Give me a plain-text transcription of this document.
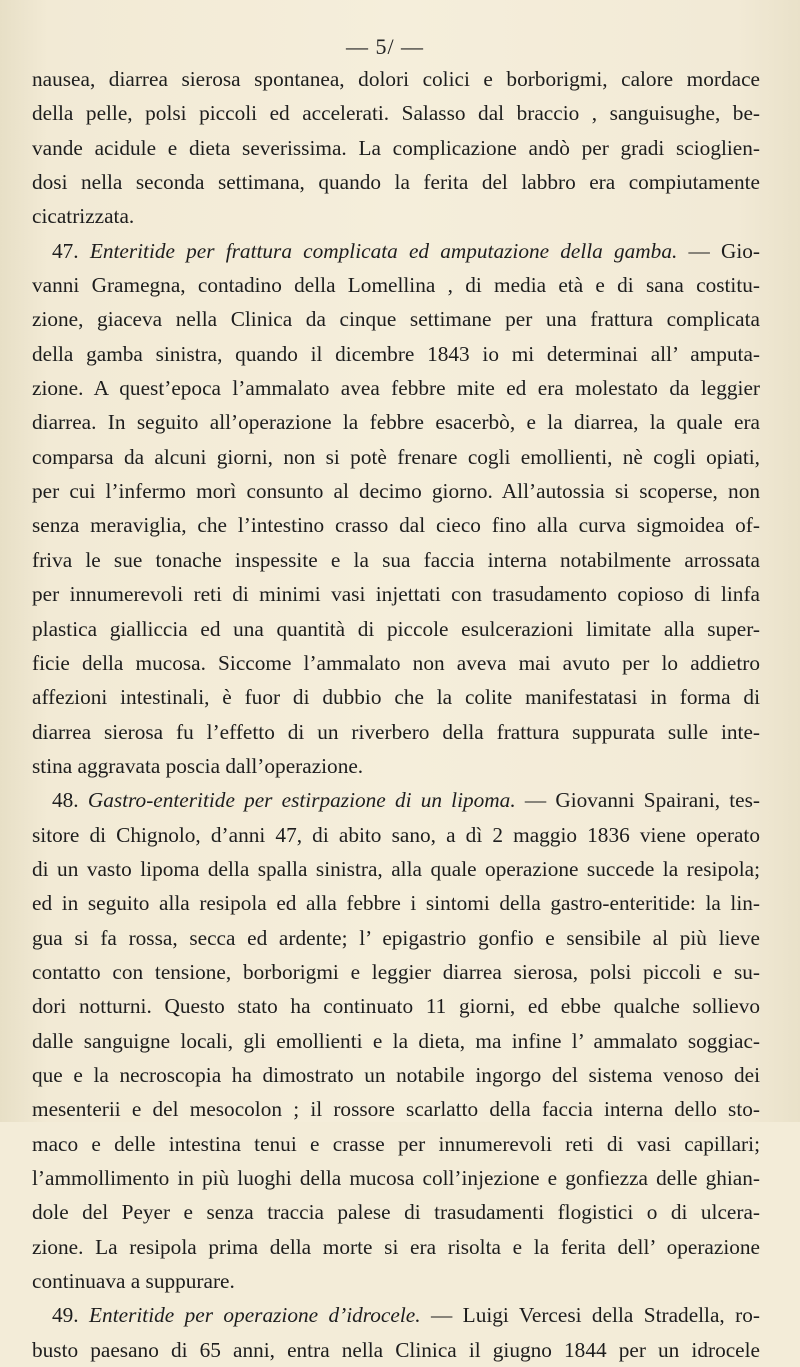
— 5/ —

nausea, diarrea sierosa spontanea, dolori colici e borborigmi, calore mordace

della pelle, polsi piccoli ed accelerati. Salasso dal braccio , sanguisughe, be-

vande acidule e dieta severissima. La complicazione andò per gradi scioglien-

dosi nella seconda settimana, quando la ferita del labbro era compiutamente

cicatrizzata.

47. Enteritide per frattura complicata ed amputazione della gamba. — Gio-

vanni Gramegna, contadino della Lomellina , di media età e di sana costitu-

zione, giaceva nella Clinica da cinque settimane per una frattura complicata

della gamba sinistra, quando il dicembre 1843 io mi determinai all’ amputa-

zione. A quest’epoca l’ammalato avea febbre mite ed era molestato da leggier

diarrea. In seguito all’operazione la febbre esacerbò, e la diarrea, la quale era

comparsa da alcuni giorni, non si potè frenare cogli emollienti, nè cogli opiati,

per cui l’infermo morì consunto al decimo giorno. All’autossia si scoperse, non

senza meraviglia, che l’intestino crasso dal cieco fino alla curva sigmoidea of-

friva le sue tonache inspessite e la sua faccia interna notabilmente arrossata

per innumerevoli reti di minimi vasi injettati con trasudamento copioso di linfa

plastica gialliccia ed una quantità di piccole esulcerazioni limitate alla super-

ficie della mucosa. Siccome l’ammalato non aveva mai avuto per lo addietro

affezioni intestinali, è fuor di dubbio che la colite manifestatasi in forma di

diarrea sierosa fu l’effetto di un riverbero della frattura suppurata sulle inte-

stina aggravata poscia dall’operazione.

48. Gastro-enteritide per estirpazione di un lipoma. — Giovanni Spairani, tes-

sitore di Chignolo, d’anni 47, di abito sano, a dì 2 maggio 1836 viene operato

di un vasto lipoma della spalla sinistra, alla quale operazione succede la resipola;

ed in seguito alla resipola ed alla febbre i sintomi della gastro-enteritide: la lin-

gua si fa rossa, secca ed ardente; l’ epigastrio gonfio e sensibile al più lieve

contatto con tensione, borborigmi e leggier diarrea sierosa, polsi piccoli e su-

dori notturni. Questo stato ha continuato 11 giorni, ed ebbe qualche sollievo

dalle sanguigne locali, gli emollienti e la dieta, ma infine l’ ammalato soggiac-

que e la necroscopia ha dimostrato un notabile ingorgo del sistema venoso dei

mesenterii e del mesocolon ; il rossore scarlatto della faccia interna dello sto-

maco e delle intestina tenui e crasse per innumerevoli reti di vasi capillari;

l’ammollimento in più luoghi della mucosa coll’injezione e gonfiezza delle ghian-

dole del Peyer e senza traccia palese di trasudamenti flogistici o di ulcera-

zione. La resipola prima della morte si era risolta e la ferita dell’ operazione

continuava a suppurare.

49. Enteritide per operazione d’idrocele. — Luigi Vercesi della Stradella, ro-

busto paesano di 65 anni, entra nella Clinica il giugno 1844 per un idrocele
